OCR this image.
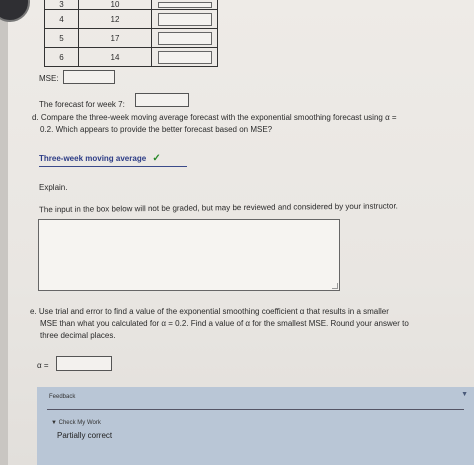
3	10	
4	12	
5	17	
6	14	
MSE:
The forecast for week 7:
d. Compare the three-week moving average forecast with the exponential smoothing forecast using α =
0.2. Which appears to provide the better forecast based on MSE?
Three-week moving average ✓
Explain.
The input in the box below will not be graded, but may be reviewed and considered by your instructor.
e. Use trial and error to find a value of the exponential smoothing coefficient α that results in a smaller
MSE than what you calculated for α = 0.2. Find a value of α for the smallest MSE. Round your answer to
three decimal places.
α =
Feedback	▼
▼ Check My Work
Partially correct
